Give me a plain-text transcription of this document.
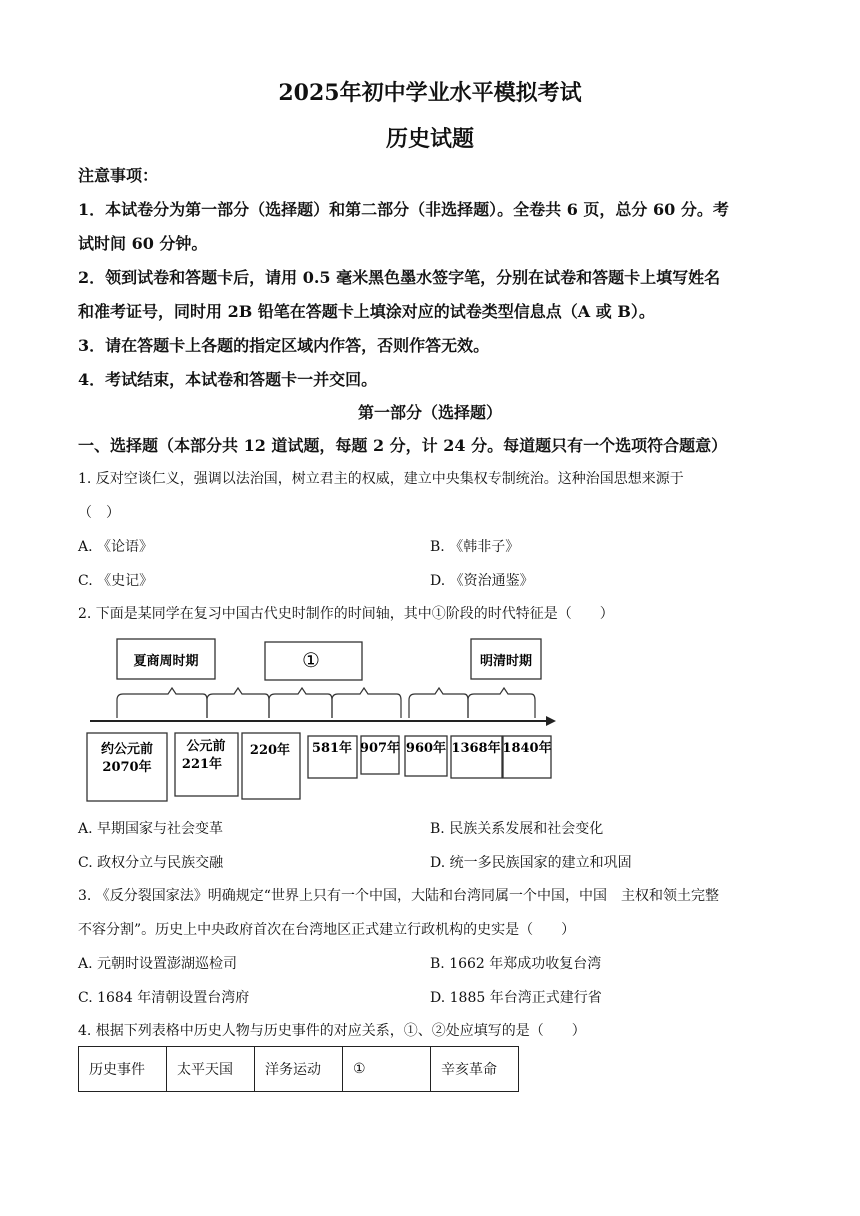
2025年初中学业水平模拟考试
历史试题
注意事项：
1．本试卷分为第一部分（选择题）和第二部分（非选择题）。全卷共 6 页，总分 60 分。考
试时间 60 分钟。
2．领到试卷和答题卡后，请用 0.5 毫米黑色墨水签字笔，分别在试卷和答题卡上填写姓名
和准考证号，同时用 2B 铅笔在答题卡上填涂对应的试卷类型信息点（A 或 B）。
3．请在答题卡上各题的指定区域内作答，否则作答无效。
4．考试结束，本试卷和答题卡一并交回。
第一部分（选择题）
一、选择题（本部分共 12 道试题，每题 2 分，计 24 分。每道题只有一个选项符合题意）
1. 反对空谈仁义，强调以法治国，树立君主的权威，建立中央集权专制统治。这种治国思想来源于
（　）
A. 《论语》	B. 《韩非子》
C. 《史记》	D. 《资治通鉴》
2. 下面是某同学在复习中国古代史时制作的时间轴，其中①阶段的时代特征是（　　）
夏商周时期	①	明清时期
约公元前
2070年
公元前
221年
220年 581年 907年 960年 1368年 1840年
A. 早期国家与社会变革	B. 民族关系发展和社会变化
C. 政权分立与民族交融	D. 统一多民族国家的建立和巩固
3. 《反分裂国家法》明确规定“世界上只有一个中国，大陆和台湾同属一个中国，中国　主权和领土完整
不容分割”。历史上中央政府首次在台湾地区正式建立行政机构的史实是（　　）
A. 元朝时设置澎湖巡检司	B. 1662 年郑成功收复台湾
C. 1684 年清朝设置台湾府	D. 1885 年台湾正式建行省
4. 根据下列表格中历史人物与历史事件的对应关系，①、②处应填写的是（　　）
历史事件	太平天国	洋务运动	①	辛亥革命
